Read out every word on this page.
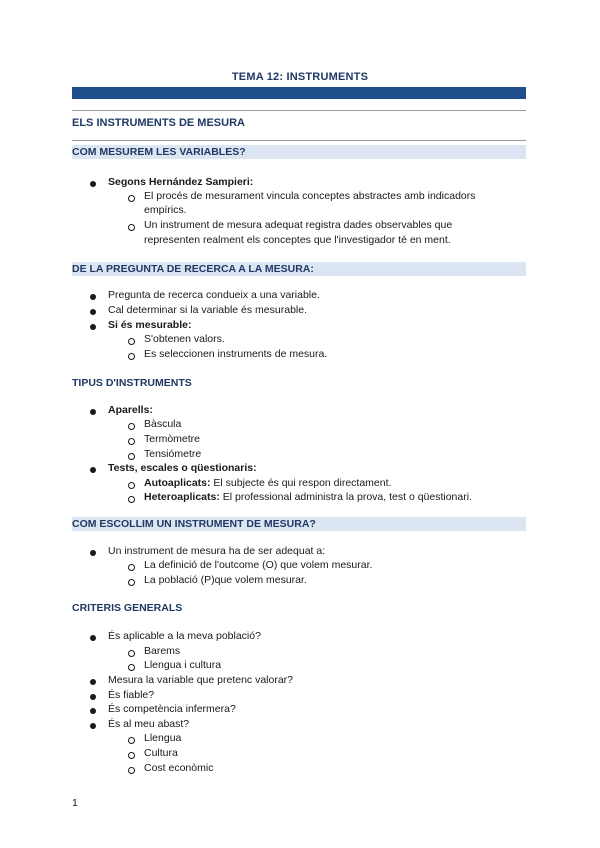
TEMA 12: INSTRUMENTS
ELS INSTRUMENTS DE MESURA
COM MESUREM LES VARIABLES?
Segons Hernández Sampieri:
El procés de mesurament vincula conceptes abstractes amb indicadors
empírics.
Un instrument de mesura adequat registra dades observables que
representen realment els conceptes que l'investigador té en ment.
DE LA PREGUNTA DE RECERCA A LA MESURA:
Pregunta de recerca condueix a una variable.
Cal determinar si la variable és mesurable.
Si és mesurable:
S'obtenen valors.
Es seleccionen instruments de mesura.
TIPUS D'INSTRUMENTS
Aparells:
Bàscula
Termòmetre
Tensiómetre
Tests, escales o qüestionaris:
Autoaplicats: El subjecte és qui respon directament.
Heteroaplicats: El professional administra la prova, test o qüestionari.
COM ESCOLLIM UN INSTRUMENT DE MESURA?
Un instrument de mesura ha de ser adequat a:
La definició de l'outcome (O) que volem mesurar.
La població (P)que volem mesurar.
CRITERIS GENERALS
És aplicable a la meva població?
Barems
Llengua i cultura
Mesura la variable que pretenc valorar?
És fiable?
És competència infermera?
És al meu abast?
Llengua
Cultura
Cost econòmic
1
